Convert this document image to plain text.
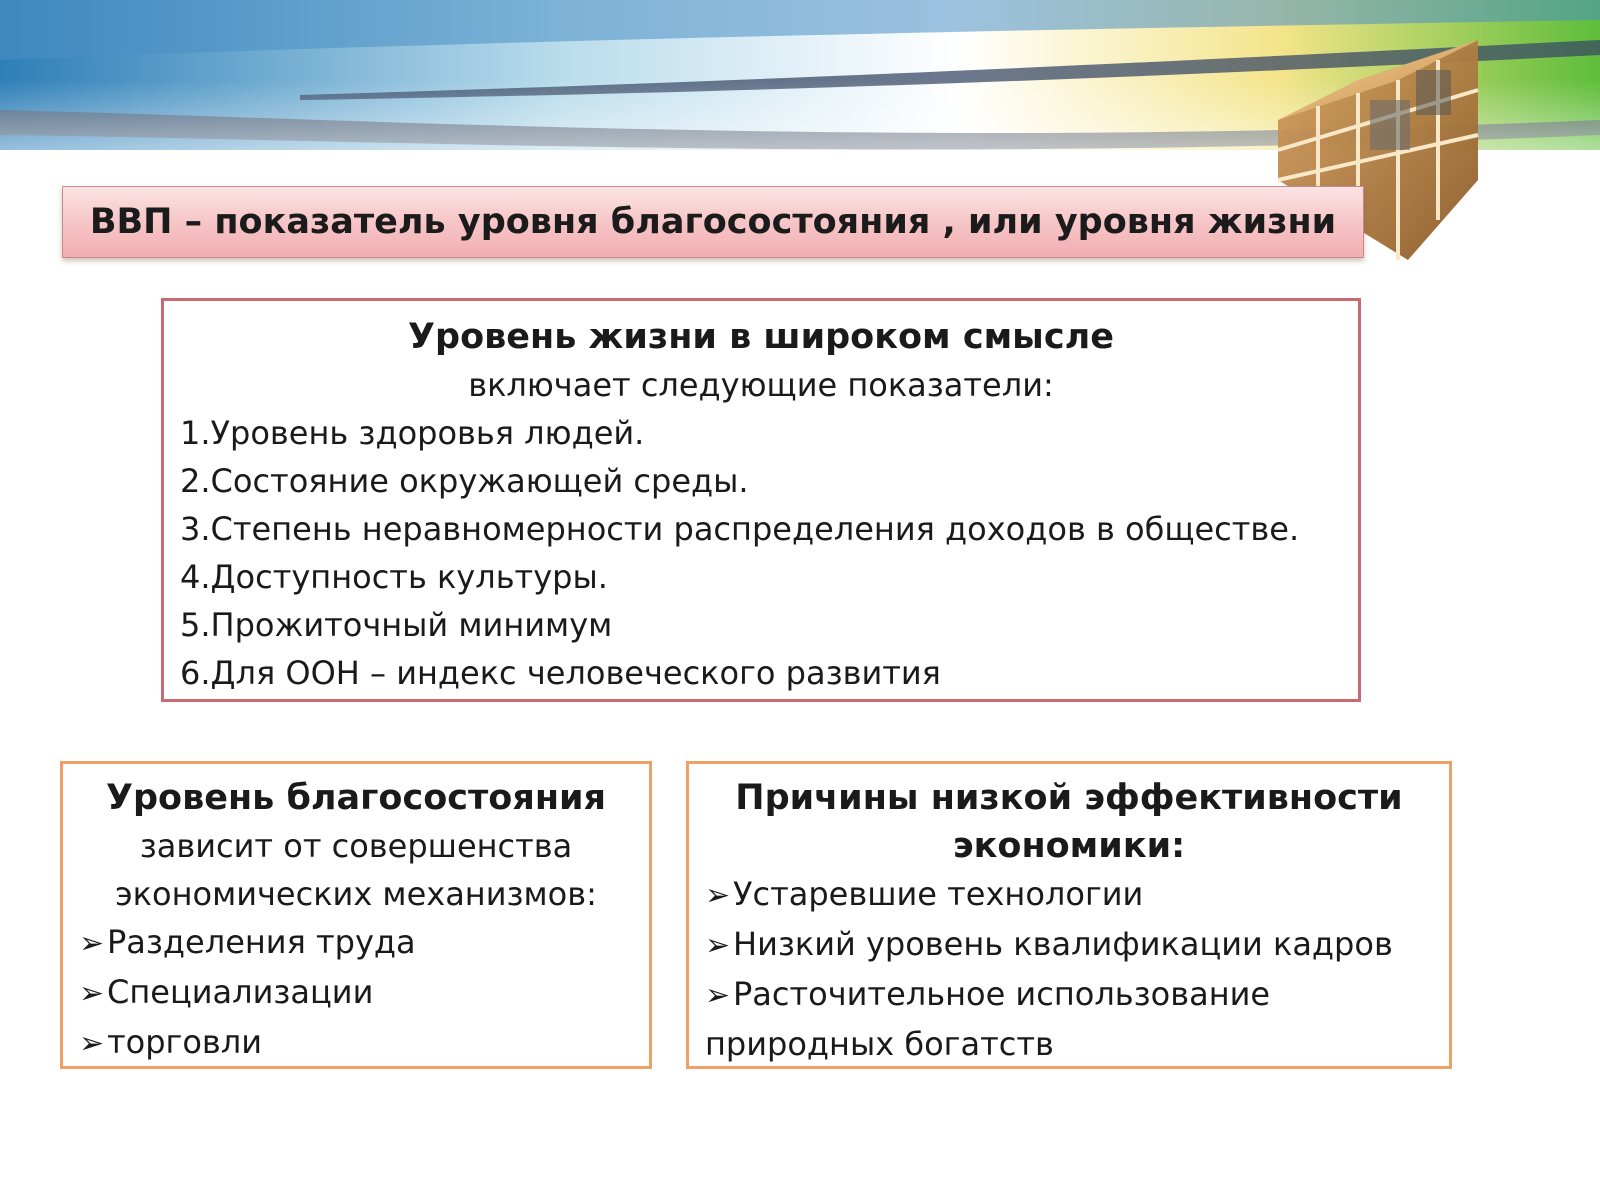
ВВП – показатель уровня благосостояния , или уровня жизни
Уровень жизни в широком смысле
включает следующие показатели:
1.Уровень здоровья людей.
2.Состояние окружающей среды.
3.Степень неравномерности распределения доходов в обществе.
4.Доступность культуры.
5.Прожиточный минимум
6.Для ООН – индекс человеческого развития
Уровень благосостояния
зависит от совершенства
экономических механизмов:
➢Разделения труда
➢Специализации
➢торговли
Причины низкой эффективности
экономики:
➢Устаревшие технологии
➢Низкий уровень квалификации кадров
➢Расточительное использование
природных богатств
